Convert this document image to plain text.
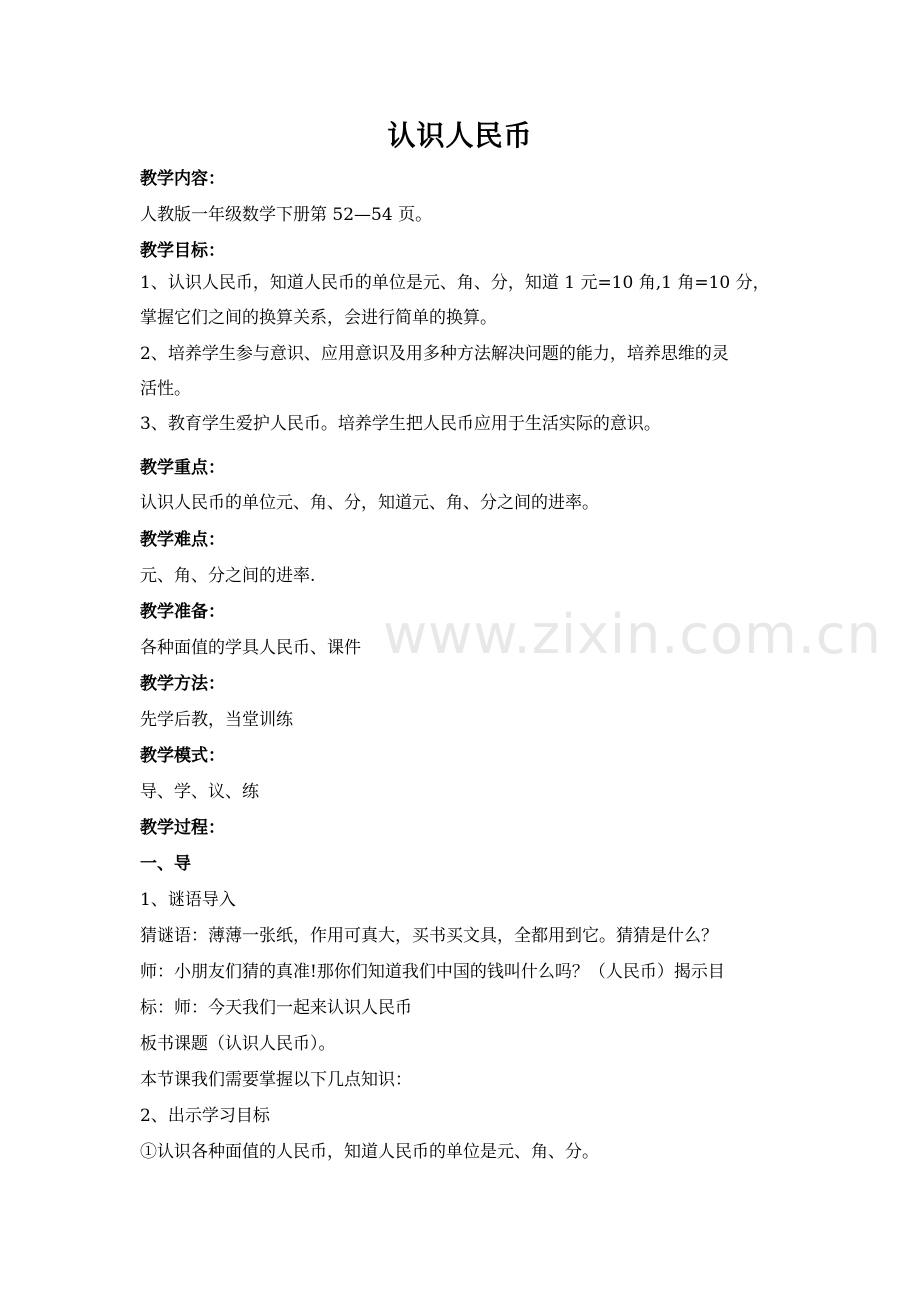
www.zixin.com.cn
认识人民币
教学内容：
人教版一年级数学下册第 52—54 页。
教学目标：
1、认识人民币，知道人民币的单位是元、角、分，知道 1 元=10 角,1 角=10 分，
掌握它们之间的换算关系，会进行简单的换算。
2、培养学生参与意识、应用意识及用多种方法解决问题的能力，培养思维的灵
活性。
3、教育学生爱护人民币。培养学生把人民币应用于生活实际的意识。
教学重点：
认识人民币的单位元、角、分，知道元、角、分之间的进率。
教学难点：
元、角、分之间的进率.
教学准备：
各种面值的学具人民币、课件
教学方法：
先学后教，当堂训练
教学模式：
导、学、议、练
教学过程：
一、导
1、谜语导入
猜谜语：薄薄一张纸，作用可真大，买书买文具，全都用到它。猜猜是什么？
师：小朋友们猜的真准!那你们知道我们中国的钱叫什么吗？（人民币）揭示目
标：师：今天我们一起来认识人民币
板书课题（认识人民币）。
本节课我们需要掌握以下几点知识：
2、出示学习目标
①认识各种面值的人民币，知道人民币的单位是元、角、分。
